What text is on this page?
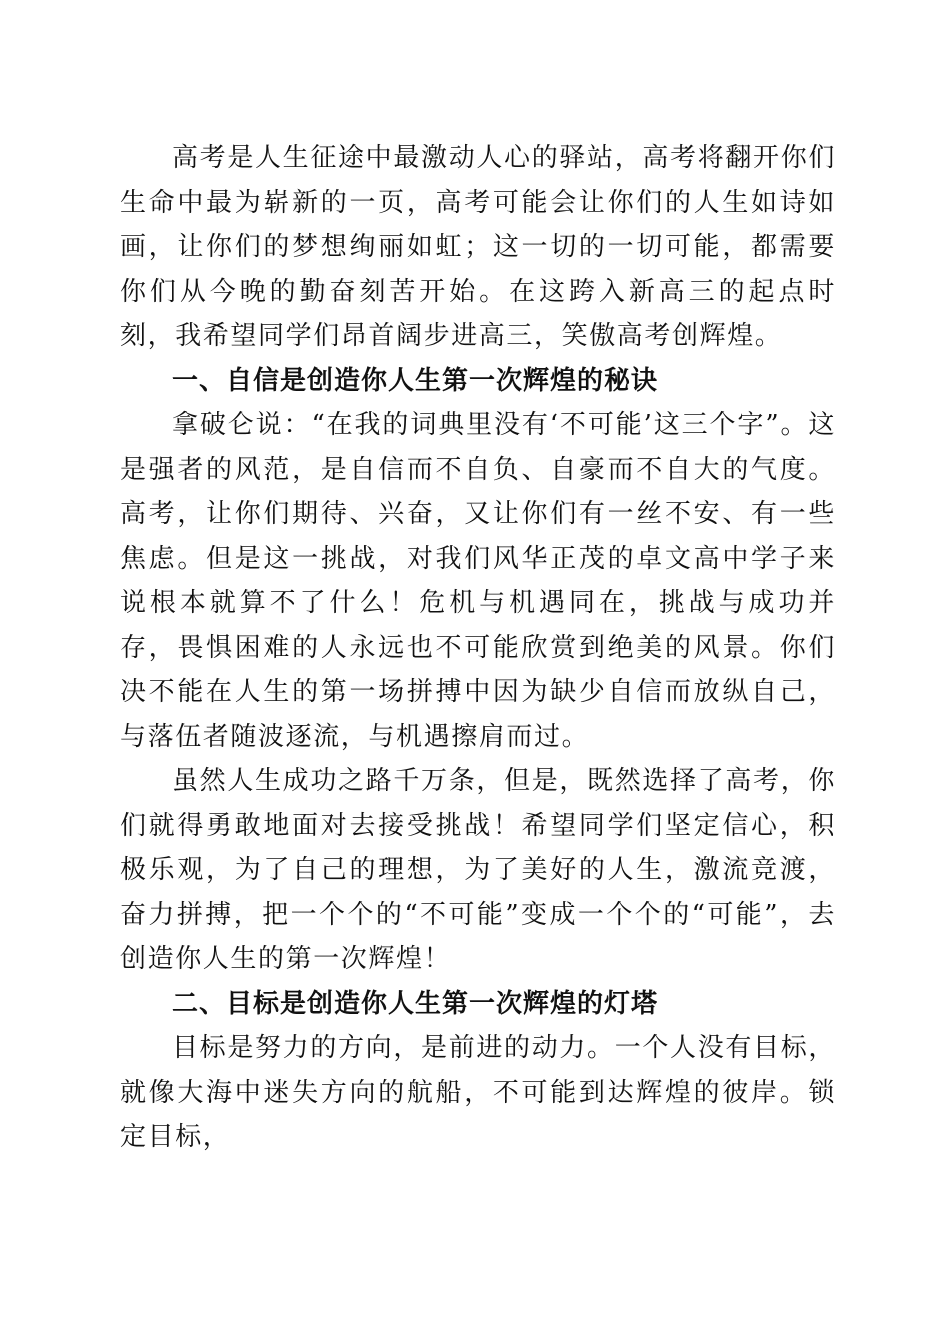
高考是人生征途中最激动人心的驿站，高考将翻开你们生命中最为崭新的一页，高考可能会让你们的人生如诗如画，让你们的梦想绚丽如虹；这一切的一切可能，都需要你们从今晚的勤奋刻苦开始。在这跨入新高三的起点时刻，我希望同学们昂首阔步进高三，笑傲高考创辉煌。

一、自信是创造你人生第一次辉煌的秘诀

拿破仑说：“在我的词典里没有‘不可能’这三个字”。这是强者的风范，是自信而不自负、自豪而不自大的气度。高考，让你们期待、兴奋，又让你们有一丝不安、有一些焦虑。但是这一挑战，对我们风华正茂的卓文高中学子来说根本就算不了什么！危机与机遇同在，挑战与成功并存，畏惧困难的人永远也不可能欣赏到绝美的风景。你们决不能在人生的第一场拼搏中因为缺少自信而放纵自己，与落伍者随波逐流，与机遇擦肩而过。

虽然人生成功之路千万条，但是，既然选择了高考，你们就得勇敢地面对去接受挑战！希望同学们坚定信心，积极乐观，为了自己的理想，为了美好的人生，激流竞渡，奋力拼搏，把一个个的“不可能”变成一个个的“可能”，去创造你人生的第一次辉煌！

二、目标是创造你人生第一次辉煌的灯塔

目标是努力的方向，是前进的动力。一个人没有目标，就像大海中迷失方向的航船，不可能到达辉煌的彼岸。锁定目标，
